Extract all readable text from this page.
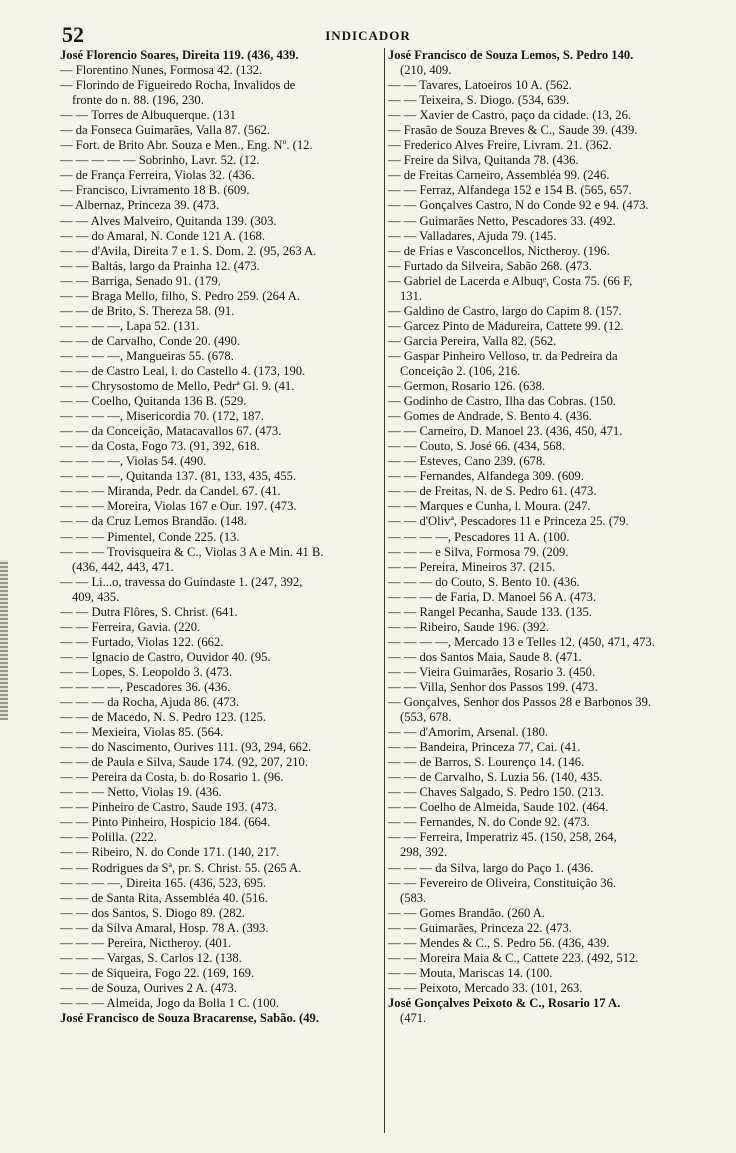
52	INDICADOR
José Florencio Soares, Direita 119. (436, 439.
— Florentino Nunes, Formosa 42. (132.
— Florindo de Figueiredo Rocha, Invalidos de
fronte do n. 88. (196, 230.
— — Torres de Albuquerque. (131
— da Fonseca Guimarães, Valla 87. (562.
— Fort. de Brito Abr. Souza e Men., Eng. Nº. (12.
— — — — — Sobrinho, Lavr. 52. (12.
— de França Ferreira, Violas 32. (436.
— Francisco, Livramento 18 B. (609.
— Albernaz, Princeza 39. (473.
— — Alves Malveiro, Quitanda 139. (303.
— — do Amaral, N. Conde 121 A. (168.
— — d'Avila, Direita 7 e 1. S. Dom. 2. (95, 263 A.
— — Baltás, largo da Prainha 12. (473.
— — Barriga, Senado 91. (179.
— — Braga Mello, filho, S. Pedro 259. (264 A.
— — de Brito, S. Thereza 58. (91.
— — — —, Lapa 52. (131.
— — de Carvalho, Conde 20. (490.
— — — —, Mangueiras 55. (678.
— — de Castro Leal, l. do Castello 4. (173, 190.
— — Chrysostomo de Mello, Pedrª Gl. 9. (41.
— — Coelho, Quitanda 136 B. (529.
— — — —, Misericordia 70. (172, 187.
— — da Conceição, Matacavallos 67. (473.
— — da Costa, Fogo 73. (91, 392, 618.
— — — —, Violas 54. (490.
— — — —, Quitanda 137. (81, 133, 435, 455.
— — — Miranda, Pedr. da Candel. 67. (41.
— — — Moreira, Violas 167 e Our. 197. (473.
— — da Cruz Lemos Brandão. (148.
— — — Pimentel, Conde 225. (13.
— — — Trovisqueira & C., Violas 3 A e Min. 41 B.
(436, 442, 443, 471.
— — Li...o, travessa do Guindaste 1. (247, 392,
409, 435.
— — Dutra Flôres, S. Christ. (641.
— — Ferreira, Gavia. (220.
— — Furtado, Violas 122. (662.
— — Ignacio de Castro, Ouvidor 40. (95.
— — Lopes, S. Leopoldo 3. (473.
— — — —, Pescadores 36. (436.
— — — da Rocha, Ajuda 86. (473.
— — de Macedo, N. S. Pedro 123. (125.
— — Mexieira, Violas 85. (564.
— — do Nascimento, Ourives 111. (93, 294, 662.
— — de Paula e Silva, Saude 174. (92, 207, 210.
— — Pereira da Costa, b. do Rosario 1. (96.
— — — Netto, Violas 19. (436.
— — Pinheiro de Castro, Saude 193. (473.
— — Pinto Pinheiro, Hospicio 184. (664.
— — Polilla. (222.
— — Ribeiro, N. do Conde 171. (140, 217.
— — Rodrigues da Sª, pr. S. Christ. 55. (265 A.
— — — —, Direita 165. (436, 523, 695.
— — de Santa Rita, Assembléa 40. (516.
— — dos Santos, S. Diogo 89. (282.
— — da Silva Amaral, Hosp. 78 A. (393.
— — — Pereira, Nictheroy. (401.
— — — Vargas, S. Carlos 12. (138.
— — de Siqueira, Fogo 22. (169, 169.
— — de Souza, Ourives 2 A. (473.
— — — Almeida, Jogo da Bolla 1 C. (100.
José Francisco de Souza Bracarense, Sabão. (49.
José Francisco de Souza Lemos, S. Pedro 140.
(210, 409.
— — Tavares, Latoeiros 10 A. (562.
— — Teixeira, S. Diogo. (534, 639.
— — Xavier de Castro, paço da cidade. (13, 26.
— Frasão de Souza Breves & C., Saude 39. (439.
— Frederico Alves Freire, Livram. 21. (362.
— Freire da Silva, Quitanda 78. (436.
— de Freitas Carneiro, Assembléa 99. (246.
— — Ferraz, Alfandega 152 e 154 B. (565, 657.
— — Gonçalves Castro, N do Conde 92 e 94. (473.
— — Guimarães Netto, Pescadores 33. (492.
— — Valladares, Ajuda 79. (145.
— de Frias e Vasconcellos, Nictheroy. (196.
— Furtado da Silveira, Sabão 268. (473.
— Gabriel de Lacerda e Albuqᵉ, Costa 75. (66 F,
131.
— Galdino de Castro, largo do Capim 8. (157.
— Garcez Pinto de Madureira, Cattete 99. (12.
— Garcia Pereira, Valla 82. (562.
— Gaspar Pinheiro Velloso, tr. da Pedreira da
Conceição 2. (106, 216.
— Germon, Rosario 126. (638.
— Godinho de Castro, Ilha das Cobras. (150.
— Gomes de Andrade, S. Bento 4. (436.
— — Carneiro, D. Manoel 23. (436, 450, 471.
— — Couto, S. José 66. (434, 568.
— — Esteves, Cano 239. (678.
— — Fernandes, Alfandega 309. (609.
— — de Freitas, N. de S. Pedro 61. (473.
— — Marques e Cunha, l. Moura. (247.
— — d'Olivª, Pescadores 11 e Princeza 25. (79.
— — — —, Pescadores 11 A. (100.
— — — e Silva, Formosa 79. (209.
— — Pereira, Mineiros 37. (215.
— — — do Couto, S. Bento 10. (436.
— — — de Faria, D. Manoel 56 A. (473.
— — Rangel Pecanha, Saude 133. (135.
— — Ribeiro, Saude 196. (392.
— — — —, Mercado 13 e Telles 12. (450, 471, 473.
— — dos Santos Maia, Saude 8. (471.
— — Vieira Guimarães, Rosario 3. (450.
— — Villa, Senhor dos Passos 199. (473.
— Gonçalves, Senhor dos Passos 28 e Barbonos 39.
(553, 678.
— — d'Amorim, Arsenal. (180.
— — Bandeira, Princeza 77, Cai. (41.
— — de Barros, S. Lourenço 14. (146.
— — de Carvalho, S. Luzia 56. (140, 435.
— — Chaves Salgado, S. Pedro 150. (213.
— — Coelho de Almeida, Saude 102. (464.
— — Fernandes, N. do Conde 92. (473.
— — Ferreira, Imperatriz 45. (150, 258, 264,
298, 392.
— — — da Silva, largo do Paço 1. (436.
— — Fevereiro de Oliveira, Constituição 36.
(583.
— — Gomes Brandão. (260 A.
— — Guimarães, Princeza 22. (473.
— — Mendes & C., S. Pedro 56. (436, 439.
— — Moreira Maia & C., Cattete 223. (492, 512.
— — Mouta, Mariscas 14. (100.
— — Peixoto, Mercado 33. (101, 263.
José Gonçalves Peixoto & C., Rosario 17 A.
(471.
